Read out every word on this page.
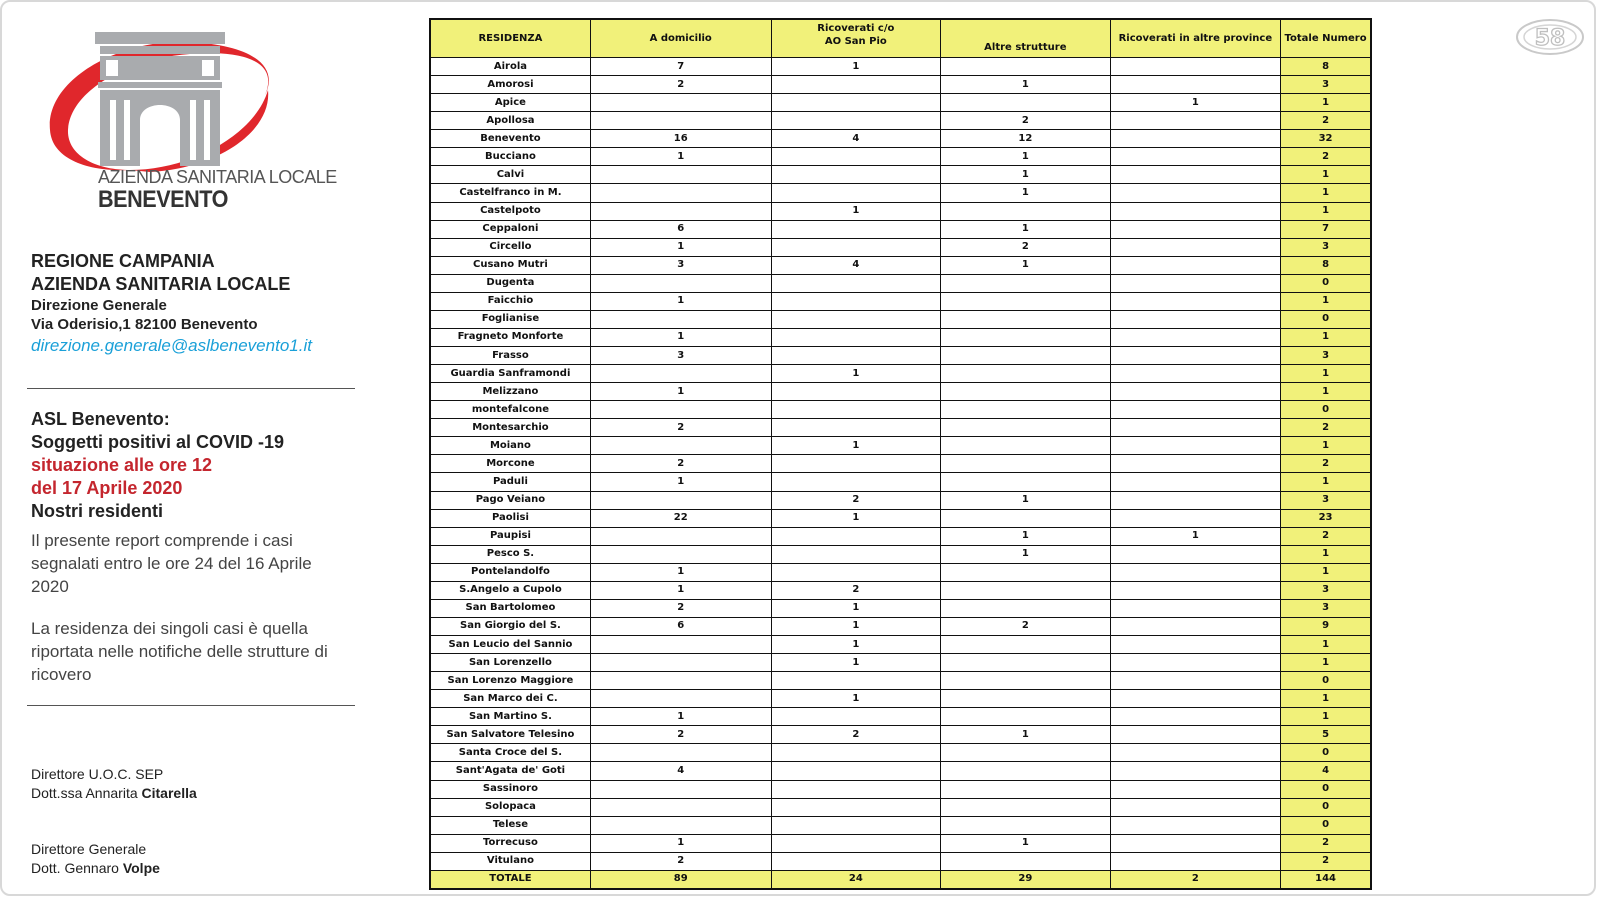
AZIENDA SANITARIA LOCALE
BENEVENTO
REGIONE CAMPANIA
AZIENDA SANITARIA LOCALE
Direzione Generale
Via Oderisio,1 82100 Benevento
direzione.generale@aslbenevento1.it
ASL Benevento:
Soggetti positivi al COVID -19
situazione alle ore 12
del 17 Aprile 2020
Nostri residenti
Il presente report comprende i casi segnalati entro le ore 24 del 16 Aprile 2020
La residenza dei singoli casi è quella riportata nelle notifiche delle strutture di ricovero
Direttore U.O.C. SEP
Dott.ssa Annarita Citarella
Direttore Generale
Dott. Gennaro Volpe
58
RESIDENZA	A domicilio	Ricoverati c/o
AO San Pio	Altre strutture	Ricoverati in altre province	Totale Numero
Airola	7	1			8
Amorosi	2		1		3
Apice				1	1
Apollosa			2		2
Benevento	16	4	12		32
Bucciano	1		1		2
Calvi			1		1
Castelfranco in M.			1		1
Castelpoto		1			1
Ceppaloni	6		1		7
Circello	1		2		3
Cusano Mutri	3	4	1		8
Dugenta					0
Faicchio	1				1
Foglianise					0
Fragneto Monforte	1				1
Frasso	3				3
Guardia Sanframondi		1			1
Melizzano	1				1
montefalcone					0
Montesarchio	2				2
Moiano		1			1
Morcone	2				2
Paduli	1				1
Pago Veiano		2	1		3
Paolisi	22	1			23
Paupisi			1	1	2
Pesco S.			1		1
Pontelandolfo	1				1
S.Angelo a Cupolo	1	2			3
San Bartolomeo	2	1			3
San Giorgio del S.	6	1	2		9
San Leucio del Sannio		1			1
San Lorenzello		1			1
San Lorenzo Maggiore					0
San Marco dei C.		1			1
San Martino S.	1				1
San Salvatore Telesino	2	2	1		5
Santa Croce del S.					0
Sant'Agata de' Goti	4				4
Sassinoro					0
Solopaca					0
Telese					0
Torrecuso	1		1		2
Vitulano	2				2
TOTALE	89	24	29	2	144
